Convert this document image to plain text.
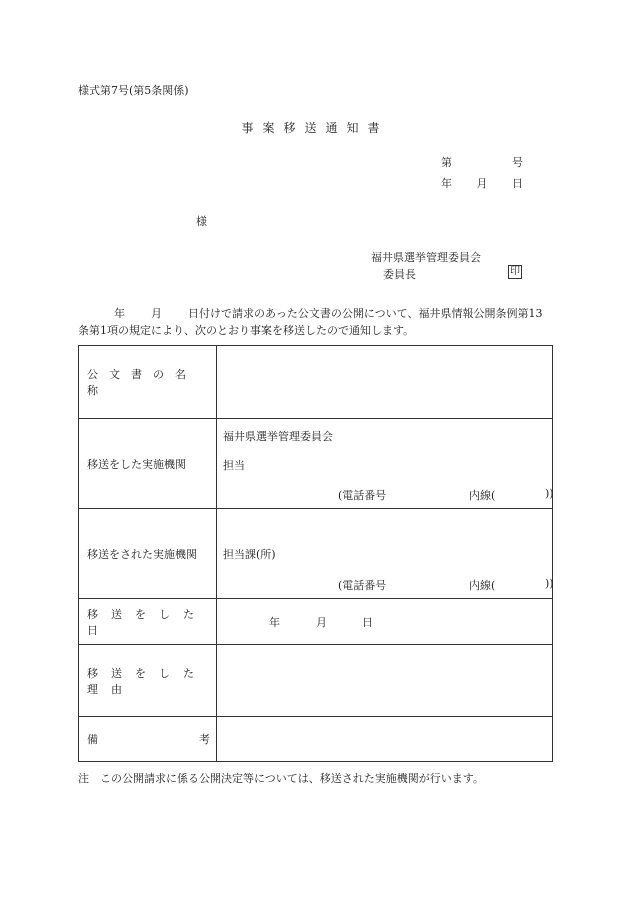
様式第7号(第5条関係)
事案移送通知書
第	号
年 月 日
様
福井県選挙管理委員会
委員長	印
年 月 日付けで請求のあった公文書の公開について、福井県情報公開条例第13条第1項の規定により、次のとおり事案を移送したので通知します。
公文書の名称	
移送をした実施機関	福井県選挙管理委員会
担当
(電話番号 内線( ))

移送をされた実施機関	担当課(所)
(電話番号 内線( ))

移送をした日	年 月 日

移送をした理由	

備 考	

注　この公開請求に係る公開決定等については、移送された実施機関が行います。
